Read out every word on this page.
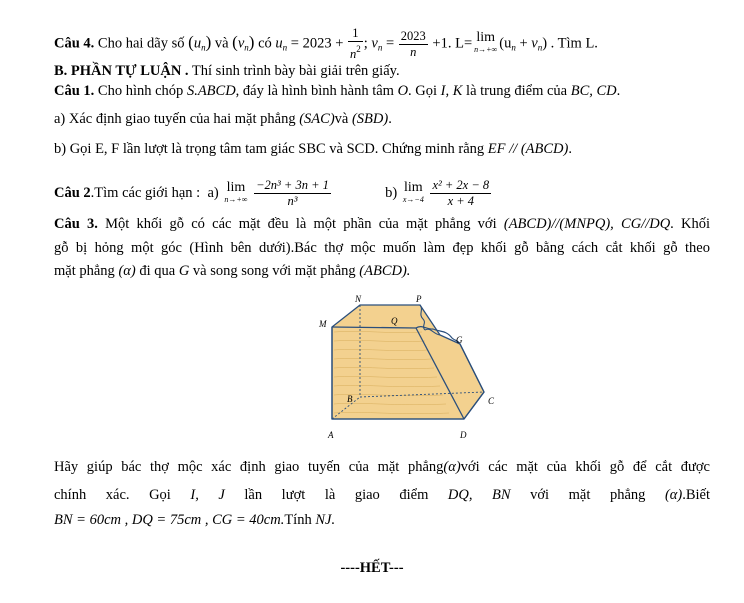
Câu 4. Cho hai dãy số $(u_n)$ và $(v_n)$ có $u_n = 2023 + \frac{1}{n^2}$ ; $v_n = \frac{2023}{n} +1$. L= lim
n→+∞ $(u_n + v_n)$ . Tìm L.
B. PHẦN TỰ LUẬN . Thí sinh trình bày bài giải trên giấy.
Câu 1. Cho hình chóp S.ABCD, đáy là hình bình hành tâm O. Gọi I, K là trung điểm của BC, CD.
a) Xác định giao tuyến của hai mặt phẳng (SAC)và (SBD).
b) Gọi E, F lần lượt là trọng tâm tam giác SBC và SCD. Chứng minh rằng EF // (ABCD).
Câu 2.Tìm các giới hạn : a) lim
n→+∞
$\frac{\text{−2n³ + 3n + 1}}{\text{n³}}$	b) lim
x→−4
$\frac{\text{x² + 2x − 8}}{x + 4}$
Câu 3. Một khối gỗ có các mặt đều là một phần của mặt phẳng với (ABCD)//(MNPQ), CG//DQ. Khối
gỗ bị hỏng một góc (Hình bên dưới).Bác thợ mộc muốn làm đẹp khối gỗ bằng cách cắt khối gỗ theo
mặt phẳng (α) đi qua G và song song với mặt phẳng (ABCD).
N	P
M	Q
G
B	C
A	D
Hãy giúp bác thợ mộc xác định giao tuyến của mặt phẳng(α)với các mặt của khối gỗ để cắt được
chính xác. Gọi I, J lần lượt là giao điểm DQ, BN với mặt phẳng (α).Biết
BN = 60cm , DQ = 75cm , CG = 40cm.Tính NJ.
----HẾT---
